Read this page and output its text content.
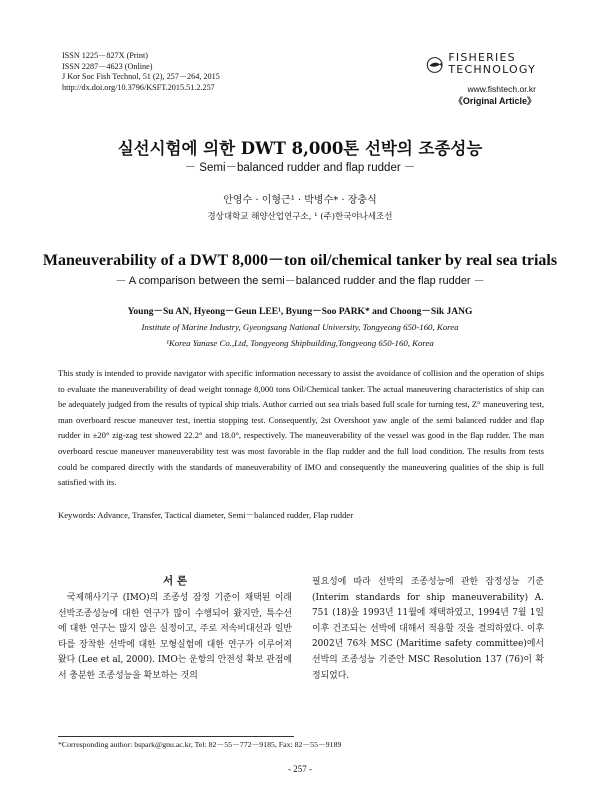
ISSN 1225－827X (Print)
ISSN 2287－4623 (Online)
J Kor Soc Fish Technol, 51 (2), 257－264, 2015
http://dx.doi.org/10.3796/KSFT.2015.51.2.257
FISHERIES
TECHNOLOGY
www.fishtech.or.kr
《Original Article》
실선시험에 의한 DWT 8,000톤 선박의 조종성능
－ Semi－balanced rudder and flap rudder －
안영수 · 이형근¹ · 박병수* · 장충식
경상대학교 해양산업연구소, ¹ (주)한국야나세조선
Maneuverability of a DWT 8,000－ton oil/chemical tanker by real sea trials
－ A comparison between the semi－balanced rudder and the flap rudder －
Young－Su AN, Hyeong－Geun LEE¹, Byung－Soo PARK* and Choong－Sik JANG
Institute of Marine Industry, Gyeongsang National University, Tongyeong 650-160, Korea
¹Korea Yanase Co.,Ltd, Tongyeong Shipbuilding,Tongyeong 650-160, Korea
This study is intended to provide navigator with specific information necessary to assist the avoidance of collision and the operation of ships to evaluate the maneuverability of dead weight tonnage 8,000 tons Oil/Chemical tanker. The actual maneuvering characteristics of ship can be adequately judged from the results of typical ship trials. Author carried out sea trials based full scale for turning test, Z° maneuvering test, man overboard rescue maneuver test, inertia stopping test. Consequently, 2st Overshoot yaw angle of the semi balanced rudder and flap rudder in ±20° zig-zag test showed 22.2° and 18.0°, respectively. The maneuverability of the vessel was good in the flap rudder. The man overboard rescue maneuver maneuverability test was most favorable in the flap rudder and the full load condition. The results from tests could be compared directly with the standards of maneuverability of IMO and consequently the maneuvering qualities of the ship is full satisfied with its.
Keywords: Advance, Transfer, Tactical diameter, Semi－balanced rudder, Flap rudder
서 론
국제해사기구 (IMO)의 조종성 잠정 기준이 채택된 이래 선박조종성능에 대한 연구가 많이 수행되어 왔지만, 특수선에 대한 연구는 많지 않은 실정이고, 주로 저속비대선과 일반타를 장착한 선박에 대한 모형실험에 대한 연구가 이루어져 왔다 (Lee et al, 2000). IMO는 운항의 안전성 확보 관점에서 충분한 조종성능을 확보하는 것의
필요성에 따라 선박의 조종성능에 관한 잠정성능 기준 (Interim standards for ship maneuverability) A. 751 (18)을 1993년 11월에 채택하였고, 1994년 7월 1일 이후 건조되는 선박에 대해서 적용할 것을 결의하였다. 이후 2002년 76차 MSC (Maritime safety committee)에서 선박의 조종성능 기준안 MSC Resolution 137 (76)이 확정되었다.
*Corresponding author: bspark@gnu.ac.kr, Tel: 82－55－772－9185, Fax: 82－55－9189
- 257 -
